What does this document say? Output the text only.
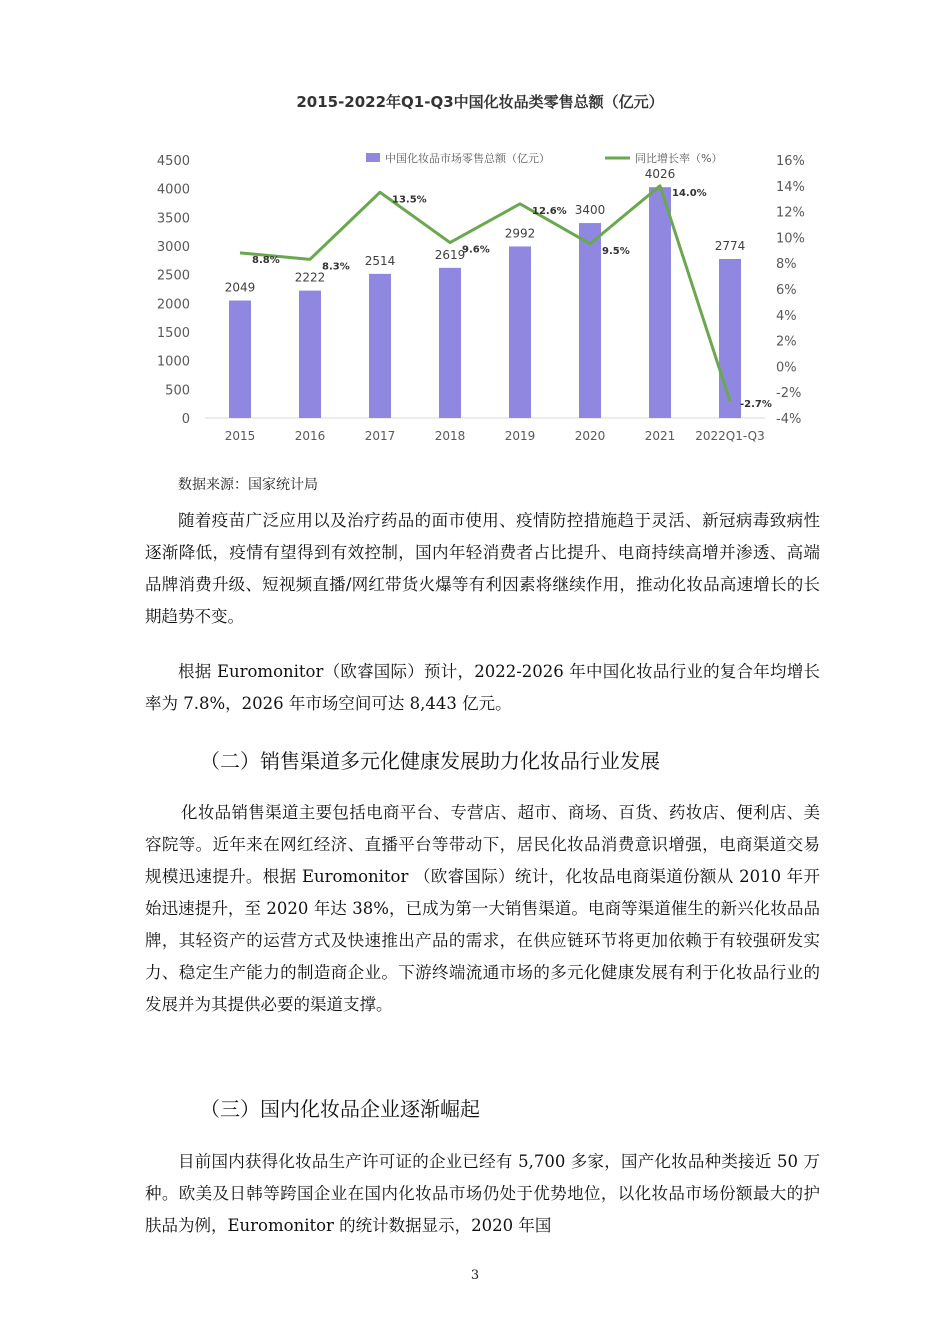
2015-2022年Q1-Q3中国化妆品类零售总额（亿元）
0
500
1000
1500
2000
2500
3000
3500
4000
4500
-4%
-2%
0%
2%
4%
6%
8%
10%
12%
14%
16%
2015	2016	2017	2018	2019	2020	2021 2022Q1-Q3
2049
2222
2514	2619
2992
3400
4026
2774
8.8%
8.3%
13.5%
9.6%
12.6%
9.5%
14.0%
-2.7%
中国化妆品市场零售总额（亿元）	同比增长率（%）
数据来源：国家统计局

随着疫苗广泛应用以及治疗药品的面市使用、疫情防控措施趋于灵活、新冠病毒致病性逐渐降低，疫情有望得到有效控制，国内年轻消费者占比提升、电商持续高增并渗透、高端品牌消费升级、短视频直播/网红带货火爆等有利因素将继续作用，推动化妆品高速增长的长期趋势不变。

根据 Euromonitor（欧睿国际）预计，2022-2026 年中国化妆品行业的复合年均增长率为 7.8%，2026 年市场空间可达 8,443 亿元。

（二）销售渠道多元化健康发展助力化妆品行业发展

化妆品销售渠道主要包括电商平台、专营店、超市、商场、百货、药妆店、便利店、美容院等。近年来在网红经济、直播平台等带动下，居民化妆品消费意识增强，电商渠道交易规模迅速提升。根据 Euromonitor （欧睿国际）统计，化妆品电商渠道份额从 2010 年开始迅速提升，至 2020 年达 38%，已成为第一大销售渠道。电商等渠道催生的新兴化妆品品牌，其轻资产的运营方式及快速推出产品的需求，在供应链环节将更加依赖于有较强研发实力、稳定生产能力的制造商企业。下游终端流通市场的多元化健康发展有利于化妆品行业的发展并为其提供必要的渠道支撑。

（三）国内化妆品企业逐渐崛起

目前国内获得化妆品生产许可证的企业已经有 5,700 多家，国产化妆品种类接近 50 万种。欧美及日韩等跨国企业在国内化妆品市场仍处于优势地位，以化妆品市场份额最大的护肤品为例，Euromonitor 的统计数据显示，2020 年国

3
